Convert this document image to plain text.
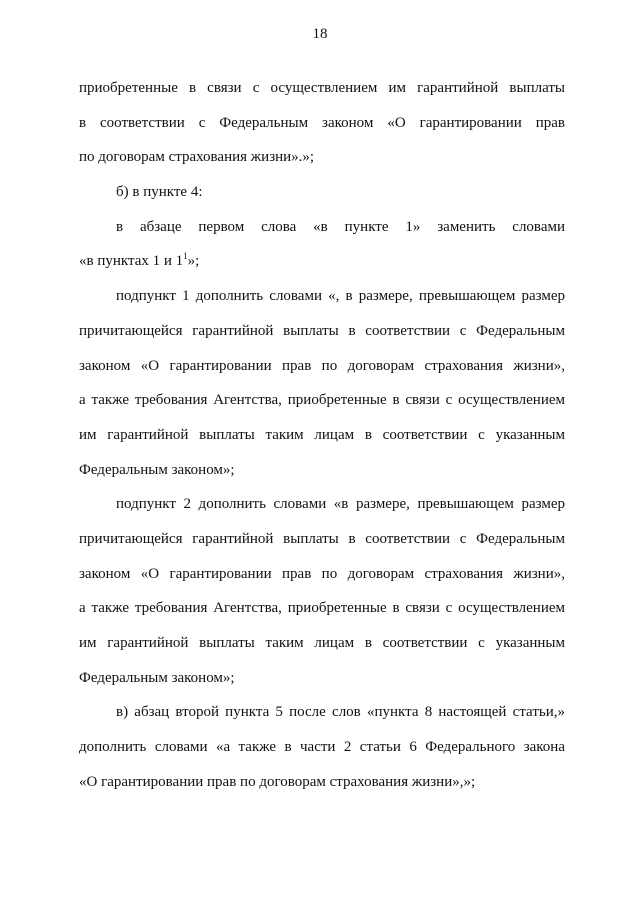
18
приобретенные в связи с осуществлением им гарантийной выплаты
в соответствии с Федеральным законом «О гарантировании прав
по договорам страхования жизни».»;
б) в пункте 4:
в абзаце первом слова «в пункте 1» заменить словами
«в пунктах 1 и $1^1$»;
подпункт 1 дополнить словами «, в размере, превышающем размер
причитающейся гарантийной выплаты в соответствии с Федеральным
законом «О гарантировании прав по договорам страхования жизни»,
а также требования Агентства, приобретенные в связи с осуществлением
им гарантийной выплаты таким лицам в соответствии с указанным
Федеральным законом»;
подпункт 2 дополнить словами «в размере, превышающем размер
причитающейся гарантийной выплаты в соответствии с Федеральным
законом «О гарантировании прав по договорам страхования жизни»,
а также требования Агентства, приобретенные в связи с осуществлением
им гарантийной выплаты таким лицам в соответствии с указанным
Федеральным законом»;
в) абзац второй пункта 5 после слов «пункта 8 настоящей статьи,»
дополнить словами «а также в части 2 статьи 6 Федерального закона
«О гарантировании прав по договорам страхования жизни»,»;
